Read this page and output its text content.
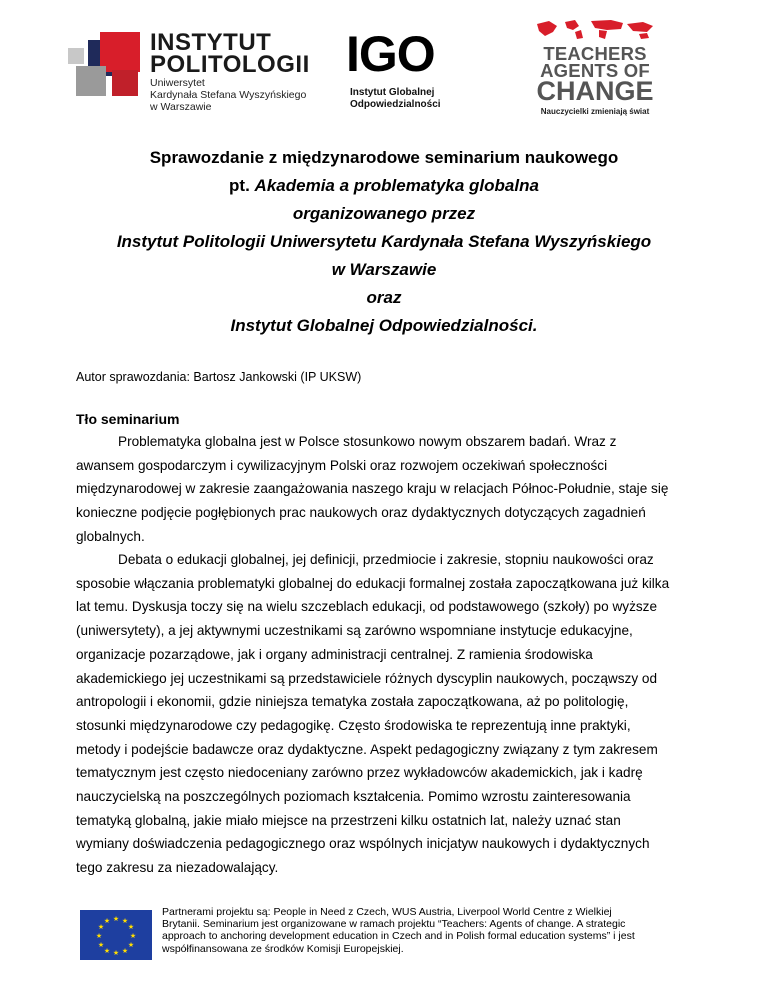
INSTYTUT
POLITOLOGII
Uniwersytet
Kardynała Stefana Wyszyńskiego
w Warszawie
IGO
Instytut Globalnej
Odpowiedzialności
TEACHERS
AGENTS OF
CHANGE
Nauczycielki zmieniają świat
Sprawozdanie z międzynarodowe seminarium naukowego
pt. Akademia a problematyka globalna
organizowanego przez
Instytut Politologii Uniwersytetu Kardynała Stefana Wyszyńskiego
w Warszawie
oraz
Instytut Globalnej Odpowiedzialności.
Autor sprawozdania: Bartosz Jankowski (IP UKSW)
Tło seminarium
Problematyka globalna jest w Polsce stosunkowo nowym obszarem badań. Wraz z
awansem gospodarczym i cywilizacyjnym Polski oraz rozwojem oczekiwań społeczności
międzynarodowej w zakresie zaangażowania naszego kraju w relacjach Północ-Południe, staje się
konieczne podjęcie pogłębionych prac naukowych oraz dydaktycznych dotyczących zagadnień
globalnych.
Debata o edukacji globalnej, jej definicji, przedmiocie i zakresie, stopniu naukowości oraz
sposobie włączania problematyki globalnej do edukacji formalnej została zapoczątkowana już kilka
lat temu. Dyskusja toczy się na wielu szczeblach edukacji, od podstawowego (szkoły) po wyższe
(uniwersytety), a jej aktywnymi uczestnikami są zarówno wspomniane instytucje edukacyjne,
organizacje pozarządowe, jak i organy administracji centralnej. Z ramienia środowiska
akademickiego jej uczestnikami są przedstawiciele różnych dyscyplin naukowych, począwszy od
antropologii i ekonomii, gdzie niniejsza tematyka została zapoczątkowana, aż po politologię,
stosunki międzynarodowe czy pedagogikę. Często środowiska te reprezentują inne praktyki,
metody i podejście badawcze oraz dydaktyczne. Aspekt pedagogiczny związany z tym zakresem
tematycznym jest często niedoceniany zarówno przez wykładowców akademickich, jak i kadrę
nauczycielską na poszczególnych poziomach kształcenia. Pomimo wzrostu zainteresowania
tematyką globalną, jakie miało miejsce na przestrzeni kilku ostatnich lat, należy uznać stan
wymiany doświadczenia pedagogicznego oraz wspólnych inicjatyw naukowych i dydaktycznych
tego zakresu za niezadowalający.
★ ★
★
★
★
★
★
★
★
★
★
★
Partnerami projektu są: People in Need z Czech, WUS Austria, Liverpool World Centre z Wielkiej
Brytanii. Seminarium jest organizowane w ramach projektu “Teachers: Agents of change. A strategic
approach to anchoring development education in Czech and in Polish formal education systems” i jest
współfinansowana ze środków Komisji Europejskiej.
